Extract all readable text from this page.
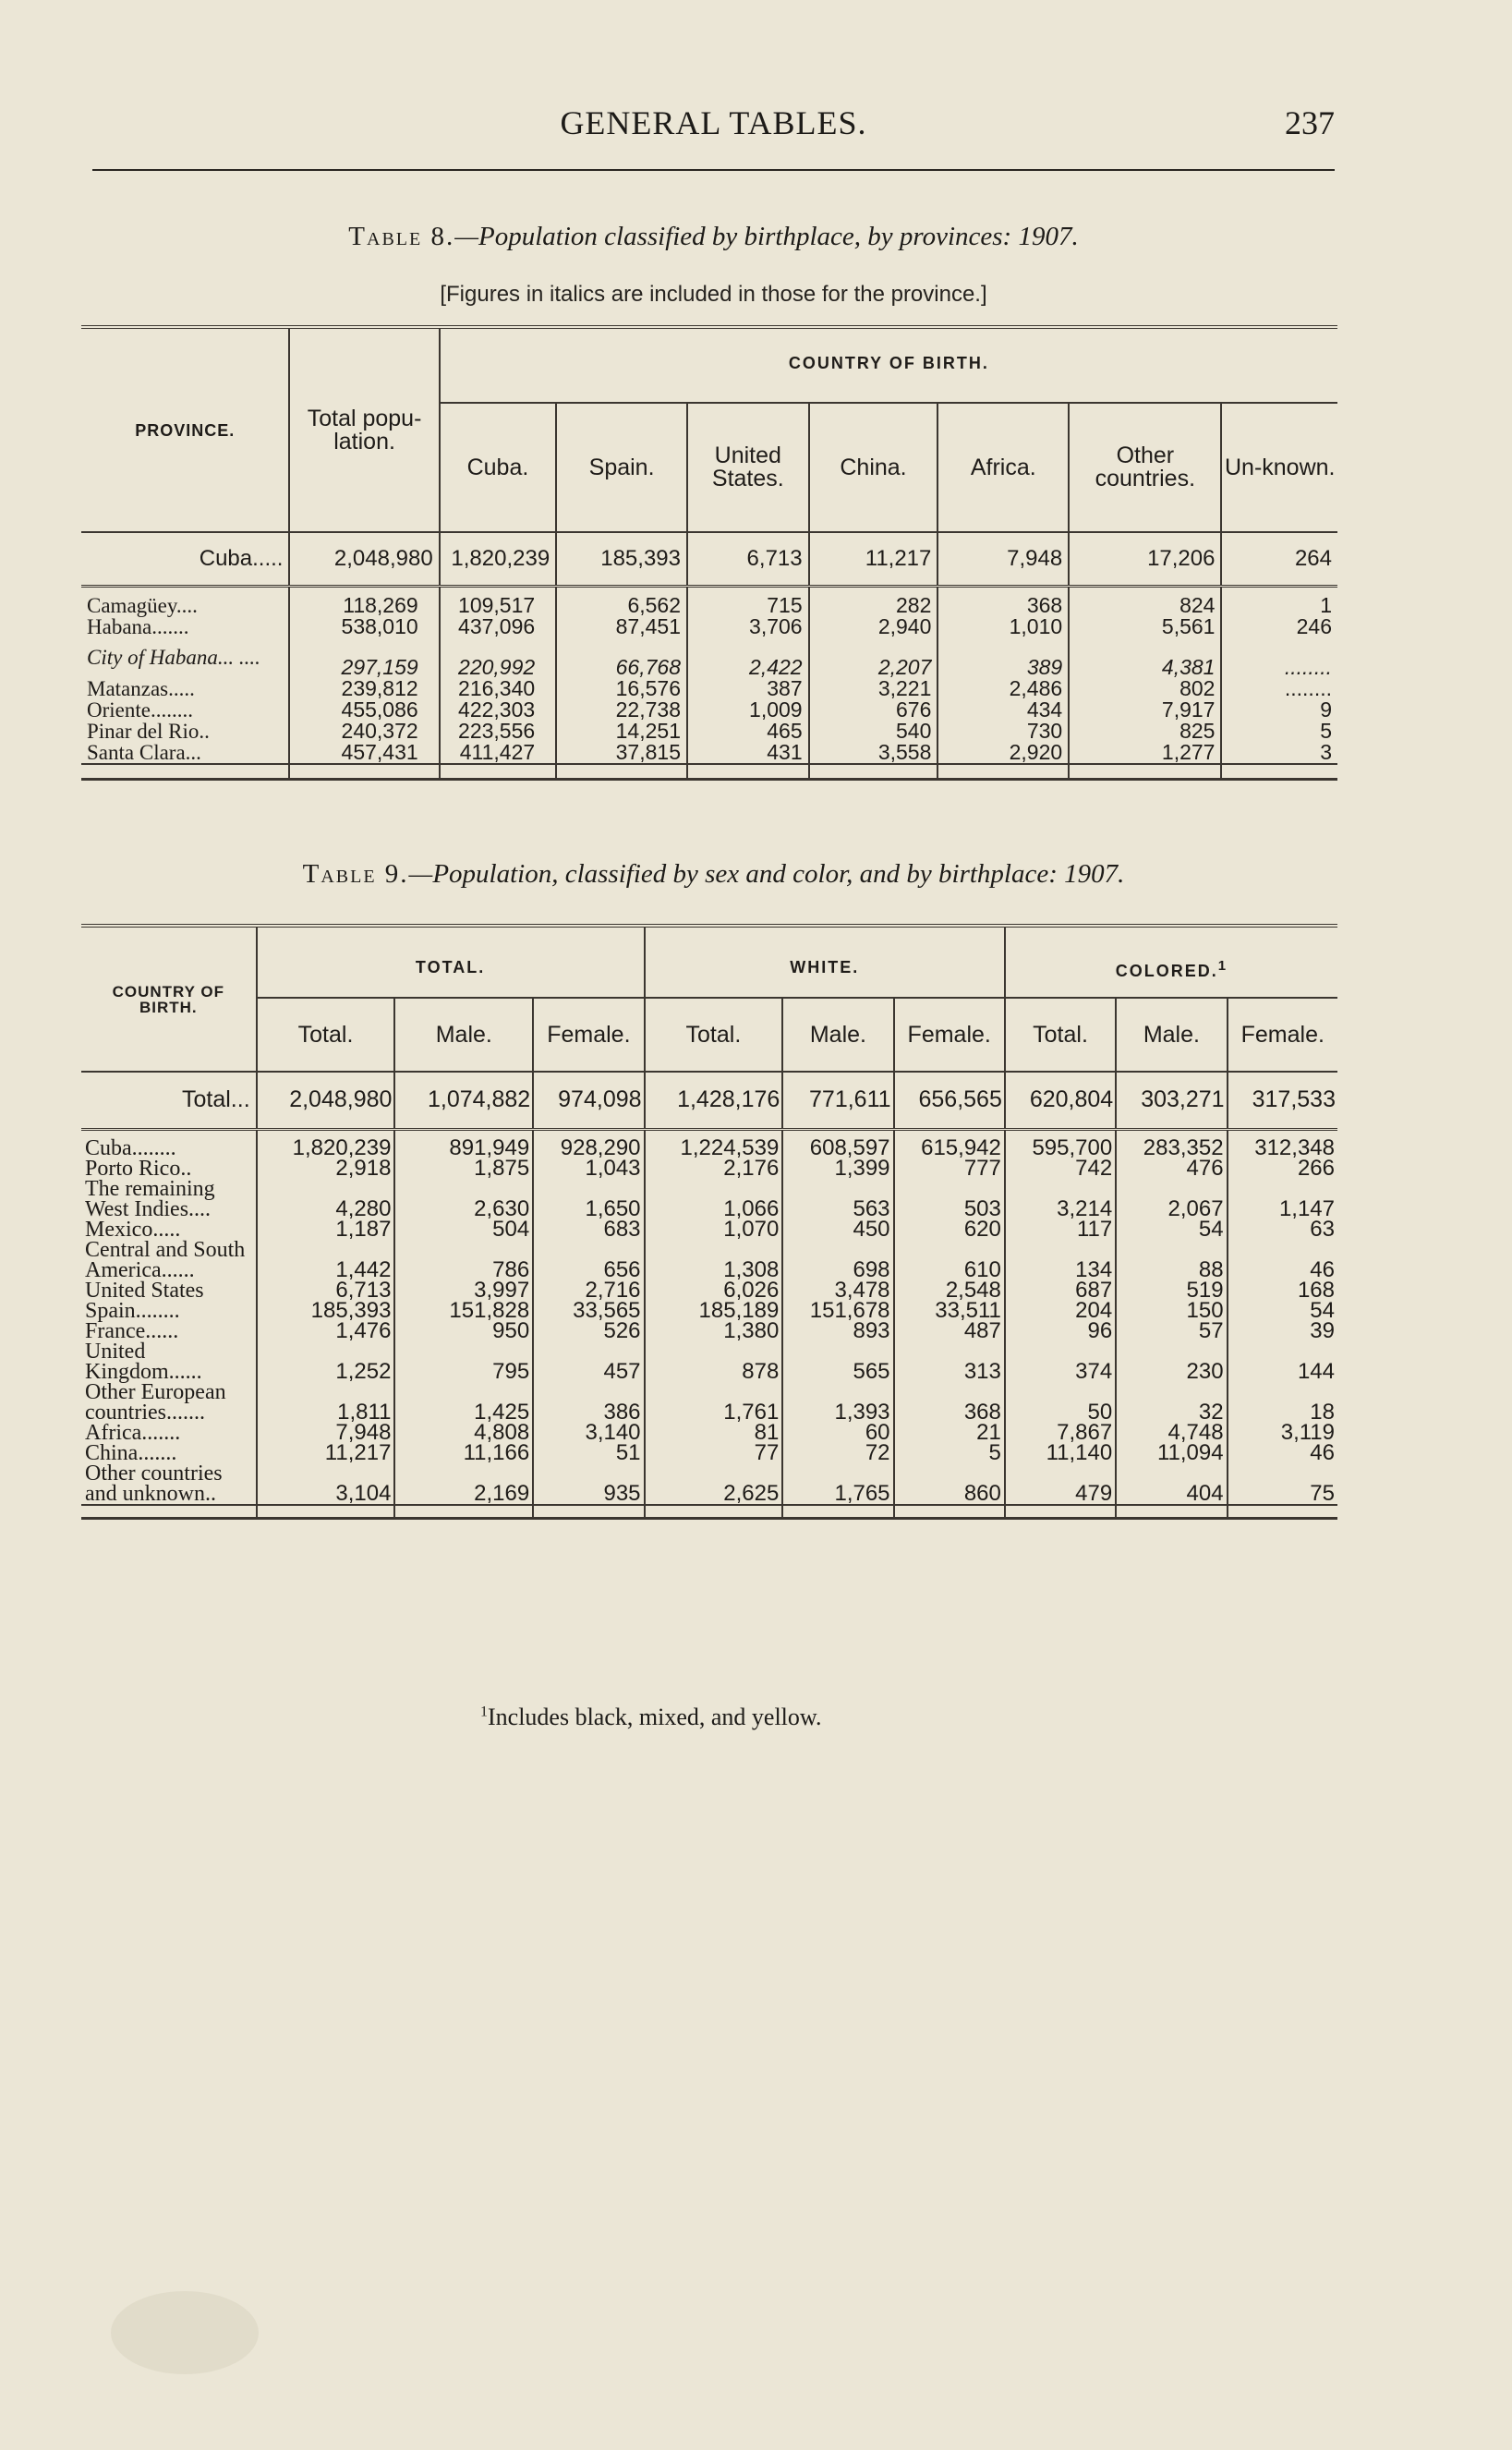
GENERAL TABLES.	237
Table 8.—Population classified by birthplace, by provinces: 1907.
[Figures in italics are included in those for the province.]
PROVINCE.	Total popu-lation.	COUNTRY OF BIRTH.						
		Cuba.	Spain.	United States.	China.	Africa.	Other countries.	Un-known.
Cuba.....	2,048,980	1,820,239	185,393	6,713	11,217	7,948	17,206	264

Camagüey....	118,269	109,517	6,562	715	282	368	824	1
Habana.......	538,010	437,096	87,451	3,706	2,940	1,010	5,561	246
City of Habana... ....	297,159	220,992	66,768	2,422	2,207	389	4,381	........
Matanzas.....	239,812	216,340	16,576	387	3,221	2,486	802	........
Oriente........	455,086	422,303	22,738	1,009	676	434	7,917	9
Pinar del Rio..	240,372	223,556	14,251	465	540	730	825	5
Santa Clara...	457,431	411,427	37,815	431	3,558	2,920	1,277	3

Table 9.—Population, classified by sex and color, and by birthplace: 1907.
COUNTRY OF BIRTH.	TOTAL.			WHITE.			COLORED.$^1$
	Total.	Male.	Female.	Total.	Male.	Female.	Total.	Male.	Female.
Total...	2,048,980	1,074,882	974,098	1,428,176	771,611	656,565	620,804	303,271	317,533

Cuba........	1,820,239	891,949	928,290	1,224,539	608,597	615,942	595,700	283,352	312,348
Porto Rico..	2,918	1,875	1,043	2,176	1,399	777	742	476	266
The remaining West Indies....	4,280	2,630	1,650	1,066	563	503	3,214	2,067	1,147
Mexico.....	1,187	504	683	1,070	450	620	117	54	63
Central and South America......	1,442	786	656	1,308	698	610	134	88	46
United States	6,713	3,997	2,716	6,026	3,478	2,548	687	519	168
Spain........	185,393	151,828	33,565	185,189	151,678	33,511	204	150	54
France......	1,476	950	526	1,380	893	487	96	57	39
United Kingdom......	1,252	795	457	878	565	313	374	230	144
Other European countries.......	1,811	1,425	386	1,761	1,393	368	50	32	18
Africa.......	7,948	4,808	3,140	81	60	21	7,867	4,748	3,119
China.......	11,217	11,166	51	77	72	5	11,140	11,094	46
Other countries and unknown..	3,104	2,169	935	2,625	1,765	860	479	404	75

$^1$Includes black, mixed, and yellow.
